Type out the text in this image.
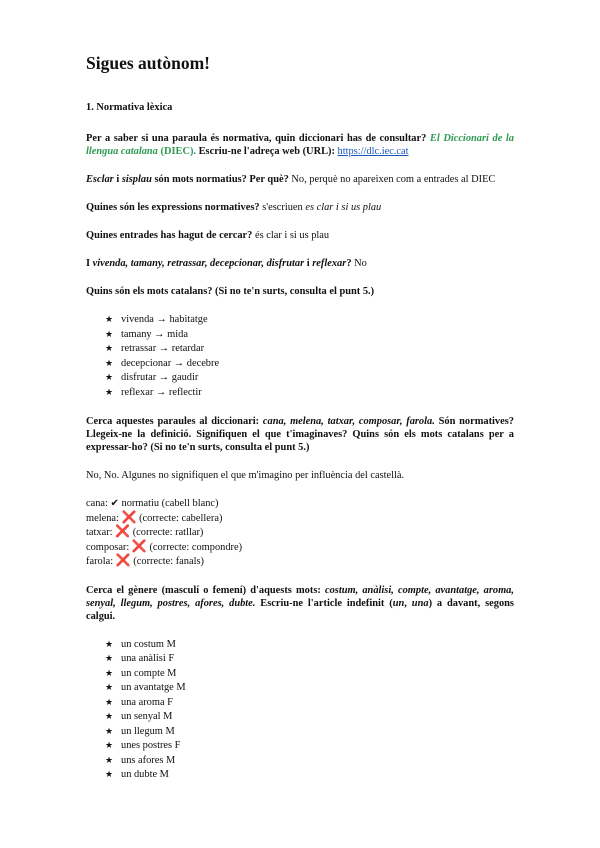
Sigues autònom!
1. Normativa lèxica

Per a saber si una paraula és normativa, quin diccionari has de consultar? El Diccionari de la llengua catalana (DIEC). Escriu-ne l'adreça web (URL): https://dlc.iec.cat

Esclar i sisplau són mots normatius? Per què? No, perquè no apareixen com a entrades al DIEC

Quines són les expressions normatives? s'escriuen es clar i si us plau

Quines entrades has hagut de cercar? és clar i si us plau

I vivenda, tamany, retrassar, decepcionar, disfrutar i reflexar? No

Quins són els mots catalans? (Si no te'n surts, consulta el punt 5.)

★ vivenda → habitatge
★ tamany → mida
★ retrassar → retardar
★ decepcionar → decebre
★ disfrutar → gaudir
★ reflexar → reflectir

Cerca aquestes paraules al diccionari: cana, melena, tatxar, composar, farola. Són normatives? Llegeix-ne la definició. Signifiquen el que t'imaginaves? Quins són els mots catalans per a expressar-ho? (Si no te'n surts, consulta el punt 5.)

No, No. Algunes no signifiquen el que m'imagino per influència del castellà.

cana: ✔ normatiu (cabell blanc)
melena: ❌ (correcte: cabellera)
tatxar: ❌ (correcte: ratllar)
composar: ❌ (correcte: compondre)
farola: ❌ (correcte: fanals)

Cerca el gènere (masculí o femení) d'aquests mots: costum, anàlisi, compte, avantatge, aroma, senyal, llegum, postres, afores, dubte. Escriu-ne l'article indefinit (un, una) a davant, segons calgui.

★ un costum M
★ una anàlisi F
★ un compte M
★ un avantatge M
★ una aroma F
★ un senyal M
★ un llegum M
★ unes postres F
★ uns afores M
★ un dubte M
